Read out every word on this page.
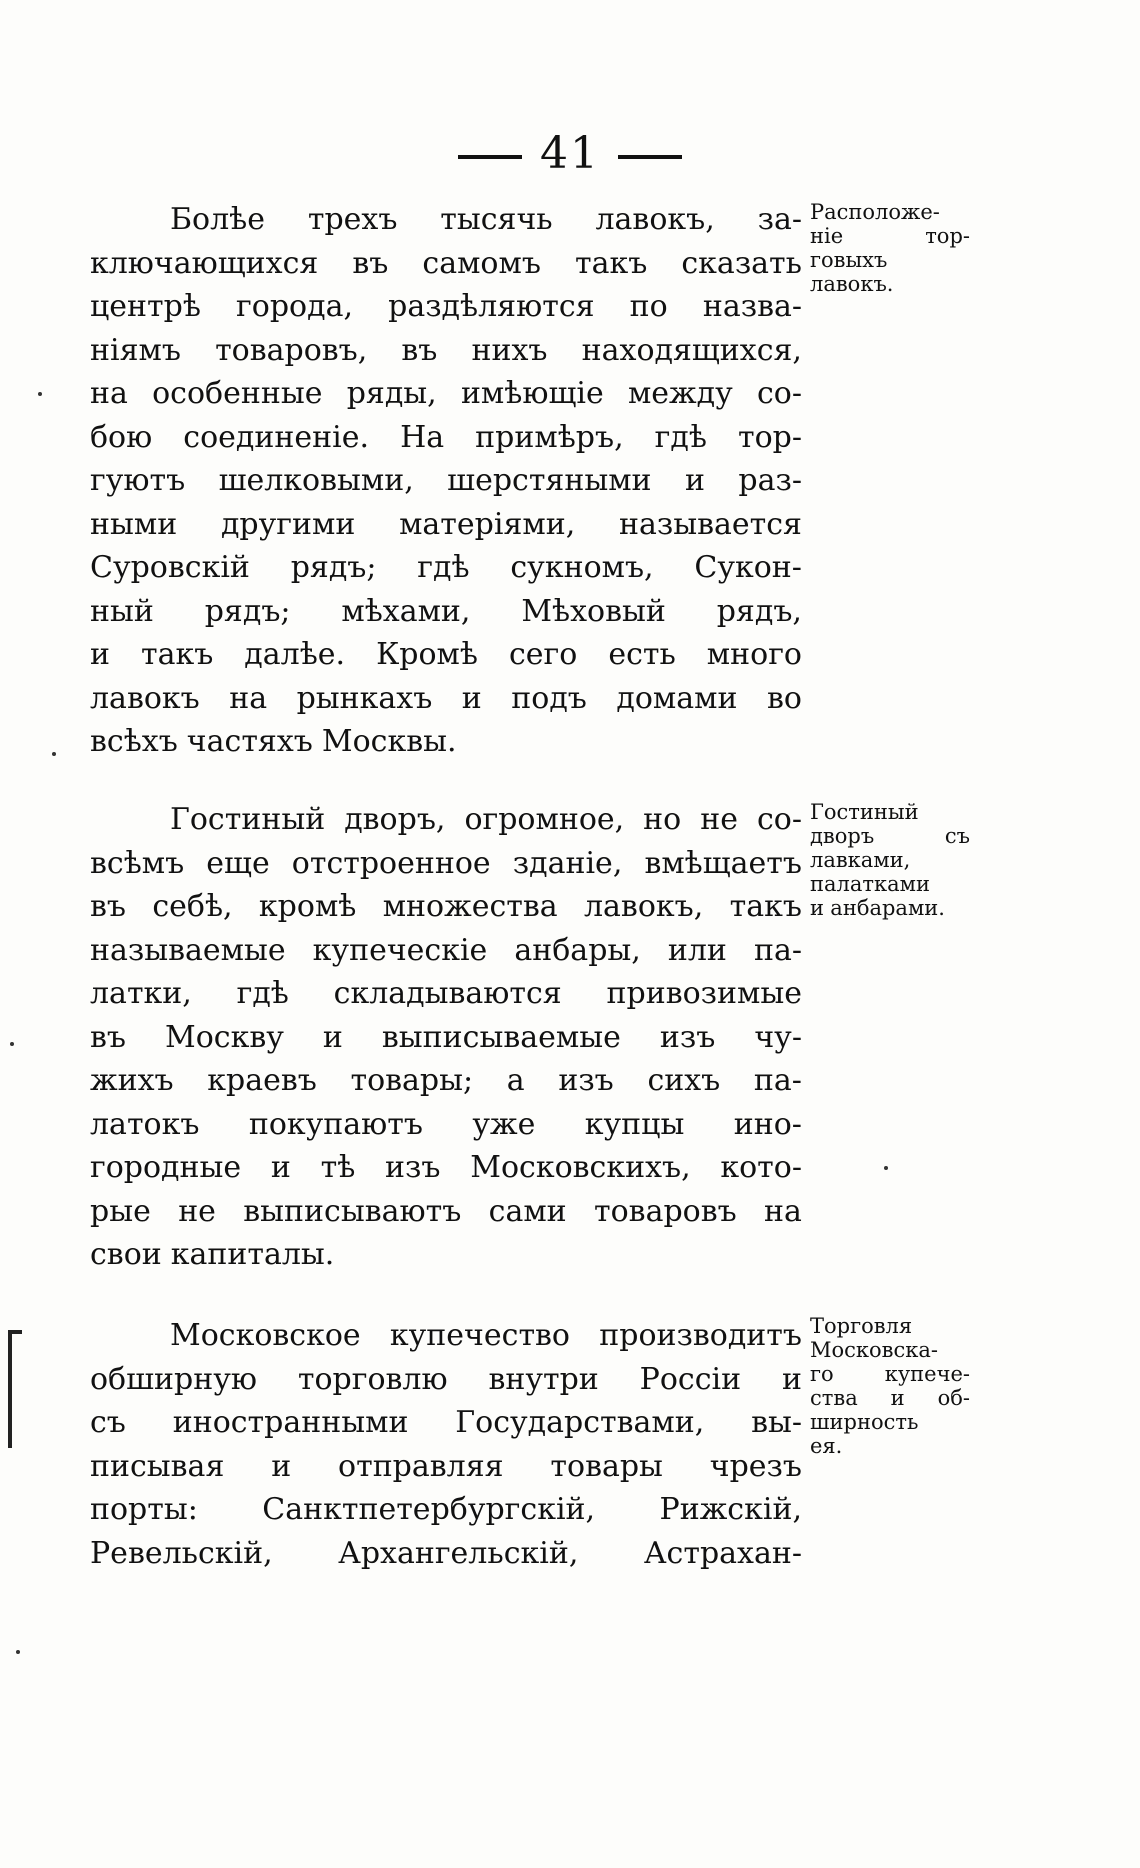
41
Болѣе трехъ тысячь лавокъ, за-
ключающихся въ самомъ такъ сказать
центрѣ города, раздѣляются по назва-
ніямъ товаровъ, въ нихъ находящихся,
на особенные ряды, имѣющіе между со-
бою соединеніе. На примѣръ, гдѣ тор-
гуютъ шелковыми, шерстяными и раз-
ными другими матеріями, называется
Суровскій рядъ; гдѣ сукномъ, Сукон-
ный рядъ; мѣхами, Мѣховый рядъ,
и такъ далѣе. Кромѣ сего есть много
лавокъ на рынкахъ и подъ домами во
всѣхъ частяхъ Москвы.
Расположе-
ніе	тор-
говыхъ
лавокъ.
Гостиный дворъ, огромное, но не со-
всѣмъ еще отстроенное зданіе, вмѣщаетъ
въ себѣ, кромѣ множества лавокъ, такъ
называемые купеческіе анбары, или па-
латки, гдѣ складываются привозимые
въ Москву и выписываемые изъ чу-
жихъ краевъ товары; а изъ сихъ па-
латокъ покупаютъ уже купцы ино-
городные и тѣ изъ Московскихъ, кото-
рые не выписываютъ сами товаровъ на
свои капиталы.
Гостиный
дворъ	съ
лавками,
палатками
и анбарами.
Московское купечество производитъ
обширную торговлю внутри Россіи и
съ иностранными Государствами, вы-
писывая и отправляя товары чрезъ
порты: Санктпетербургскій, Рижскій,
Ревельскій, Архангельскій, Астрахан-
Торговля
Московска-
го купече-
ства и об-
ширность
ея.
